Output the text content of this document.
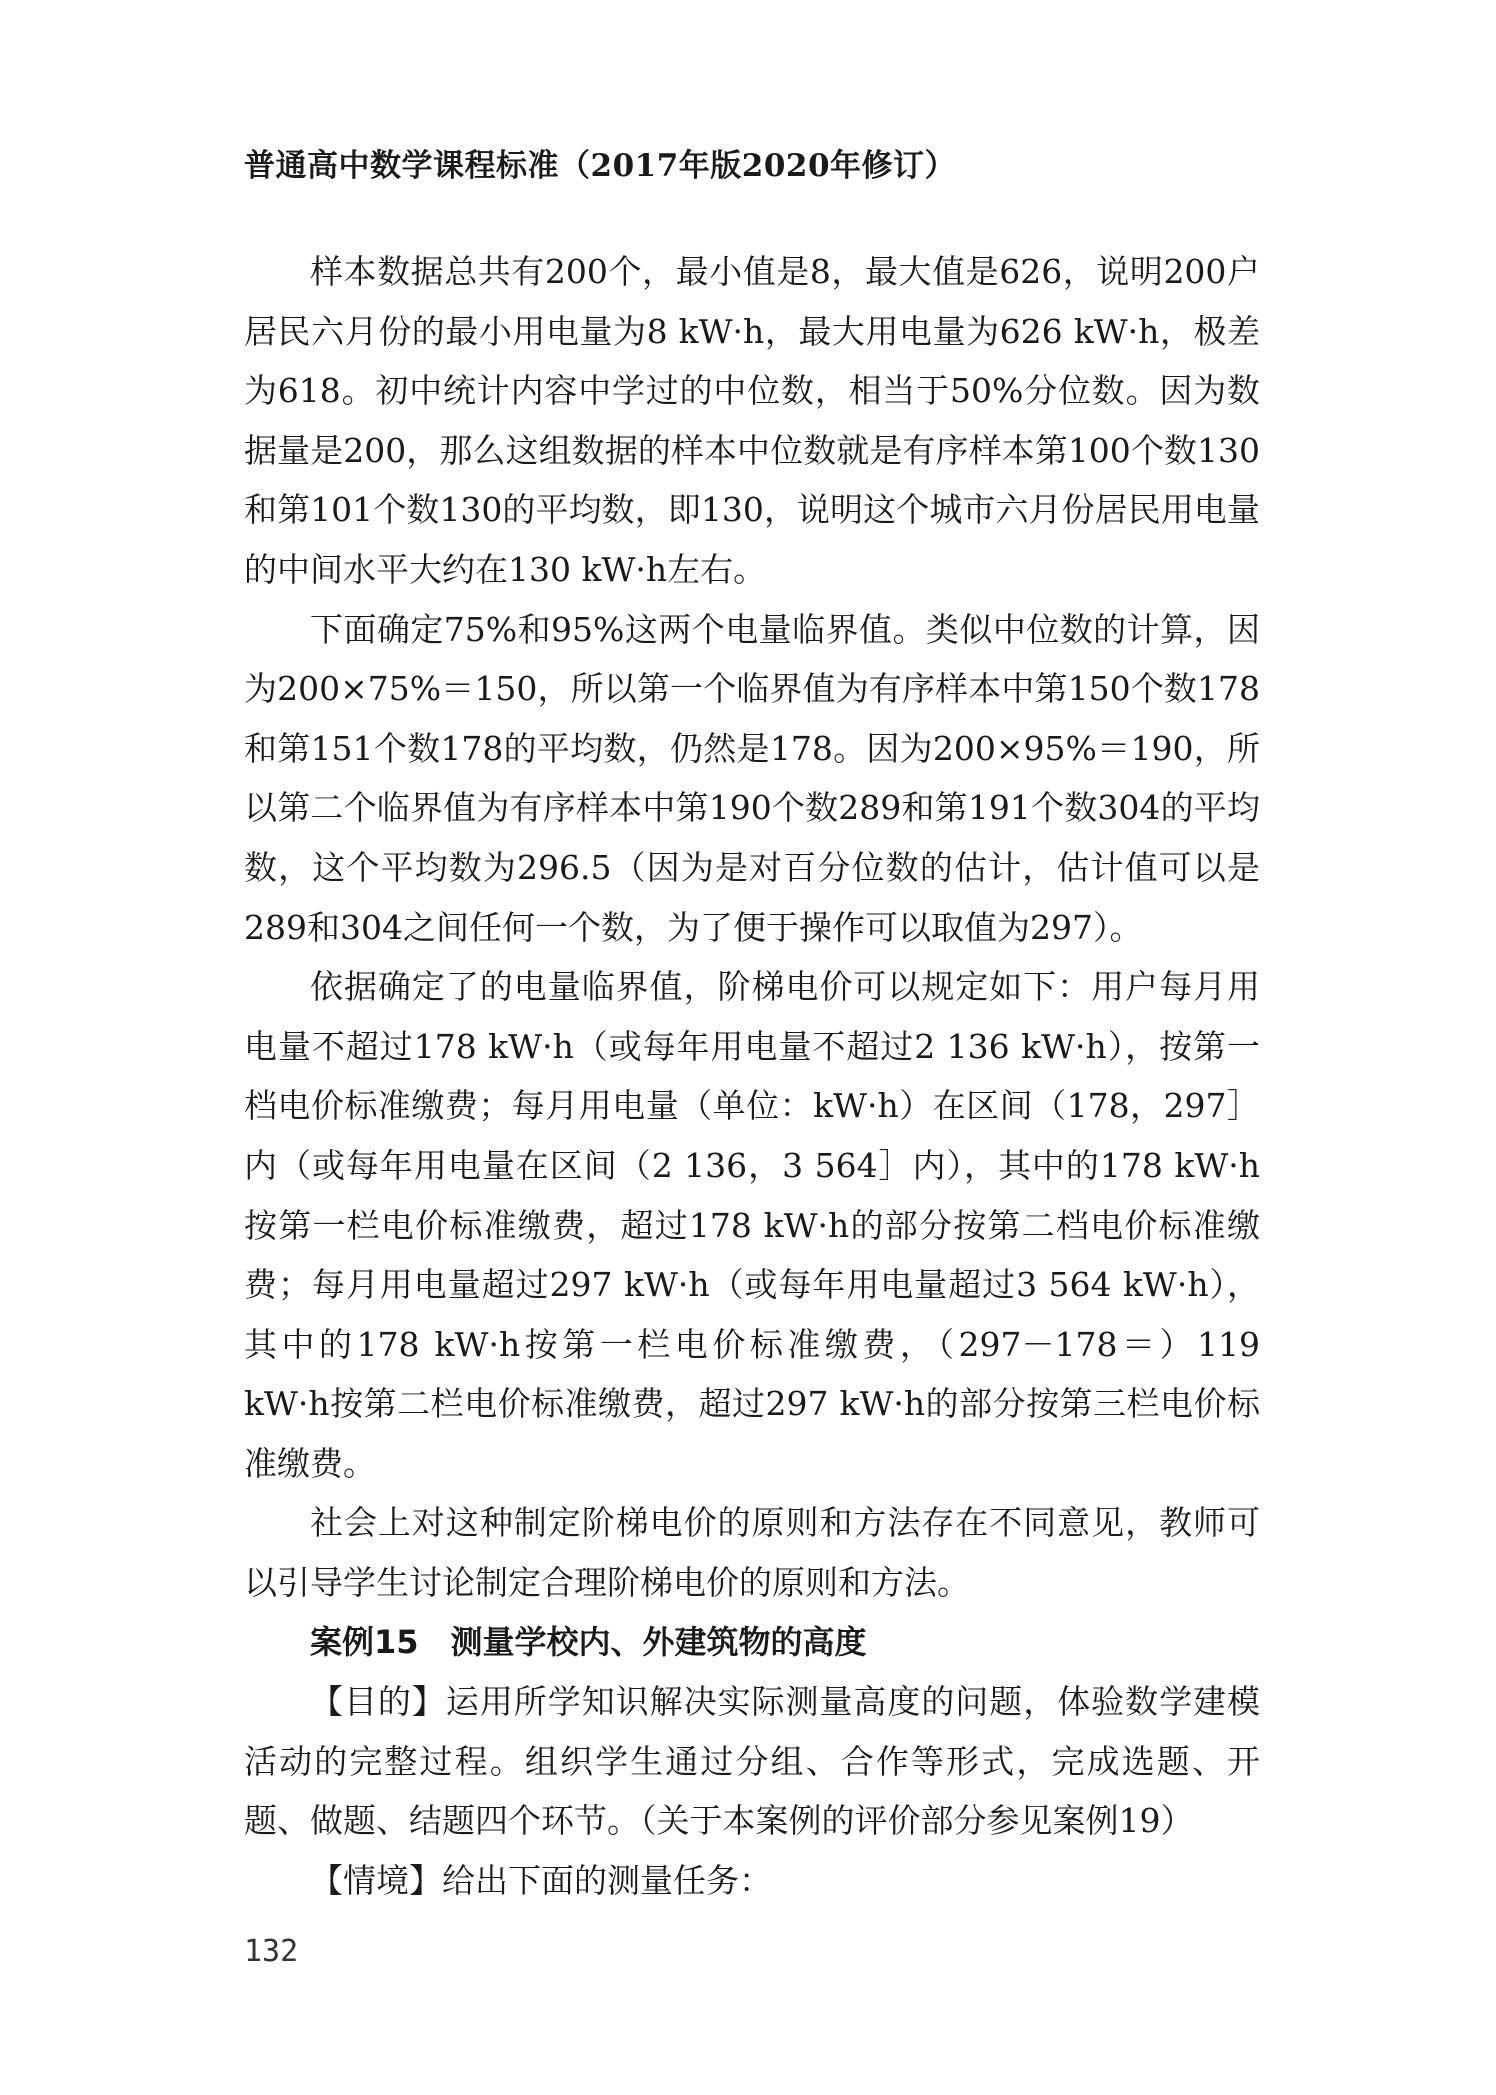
普通高中数学课程标准（2017年版2020年修订）

样本数据总共有200个，最小值是8，最大值是626，说明200户居民六月份的最小用电量为8 kW·h，最大用电量为626 kW·h，极差为618。初中统计内容中学过的中位数，相当于50%分位数。因为数据量是200，那么这组数据的样本中位数就是有序样本第100个数130和第101个数130的平均数，即130，说明这个城市六月份居民用电量的中间水平大约在130 kW·h左右。

下面确定75%和95%这两个电量临界值。类似中位数的计算，因为200×75%＝150，所以第一个临界值为有序样本中第150个数178和第151个数178的平均数，仍然是178。因为200×95%＝190，所以第二个临界值为有序样本中第190个数289和第191个数304的平均数，这个平均数为296.5（因为是对百分位数的估计，估计值可以是289和304之间任何一个数，为了便于操作可以取值为297）。

依据确定了的电量临界值，阶梯电价可以规定如下：用户每月用电量不超过178 kW·h（或每年用电量不超过2 136 kW·h），按第一档电价标准缴费；每月用电量（单位：kW·h）在区间（178，297］内（或每年用电量在区间（2 136，3 564］内），其中的178 kW·h按第一栏电价标准缴费，超过178 kW·h的部分按第二档电价标准缴费；每月用电量超过297 kW·h（或每年用电量超过3 564 kW·h），其中的178 kW·h按第一栏电价标准缴费，（297－178＝）119 kW·h按第二栏电价标准缴费，超过297 kW·h的部分按第三栏电价标准缴费。

社会上对这种制定阶梯电价的原则和方法存在不同意见，教师可以引导学生讨论制定合理阶梯电价的原则和方法。

案例15　测量学校内、外建筑物的高度

【目的】运用所学知识解决实际测量高度的问题，体验数学建模活动的完整过程。组织学生通过分组、合作等形式，完成选题、开题、做题、结题四个环节。（关于本案例的评价部分参见案例19）

【情境】给出下面的测量任务：

132
